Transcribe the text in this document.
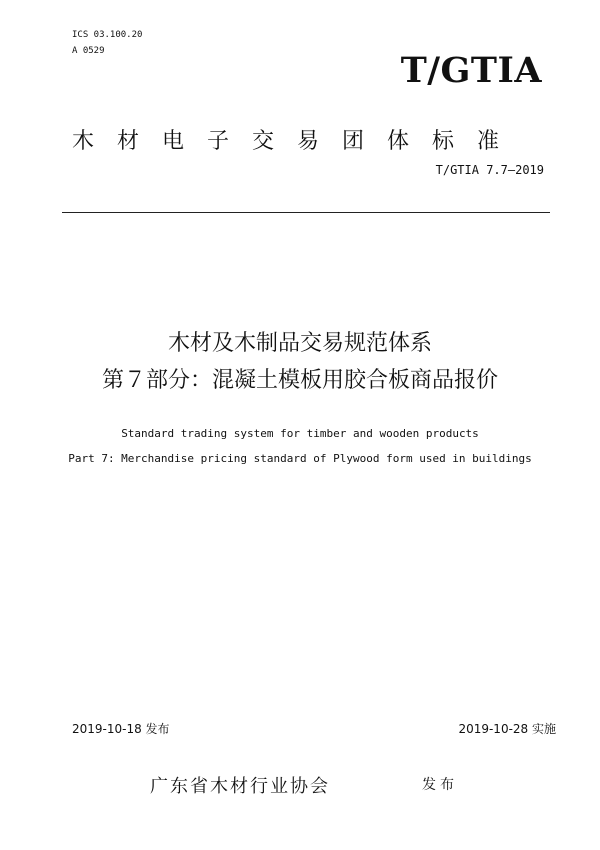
ICS 03.100.20
A 0529	T/GTIA
木材电子交易团体标准
T/GTIA 7.7—2019
木材及木制品交易规范体系
第７部分：混凝土模板用胶合板商品报价
Standard trading system for timber and wooden products
Part 7: Merchandise pricing standard of Plywood form used in buildings
2019-10-18 发布	2019-10-28 实施
广东省木材行业协会	发布
